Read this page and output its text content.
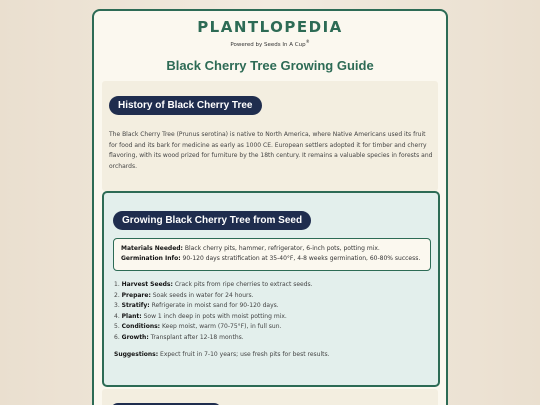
PLANTLOPEDIA
Powered by Seeds In A Cup®
Black Cherry Tree Growing Guide
History of Black Cherry Tree

The Black Cherry Tree (Prunus serotina) is native to North America, where Native Americans used its fruit for food and its bark for medicine as early as 1000 CE. European settlers adopted it for timber and cherry flavoring, with its wood prized for furniture by the 18th century. It remains a valuable species in forests and orchards.

Growing Black Cherry Tree from Seed
Materials Needed: Black cherry pits, hammer, refrigerator, 6-inch pots, potting mix.
Germination Info: 90-120 days stratification at 35-40°F, 4-8 weeks germination, 60-80% success.
1. Harvest Seeds: Crack pits from ripe cherries to extract seeds.
2. Prepare: Soak seeds in water for 24 hours.
3. Stratify: Refrigerate in moist sand for 90-120 days.
4. Plant: Sow 1 inch deep in pots with moist potting mix.
5. Conditions: Keep moist, warm (70-75°F), in full sun.
6. Growth: Transplant after 12-18 months.
Suggestions: Expect fruit in 7-10 years; use fresh pits for best results.
